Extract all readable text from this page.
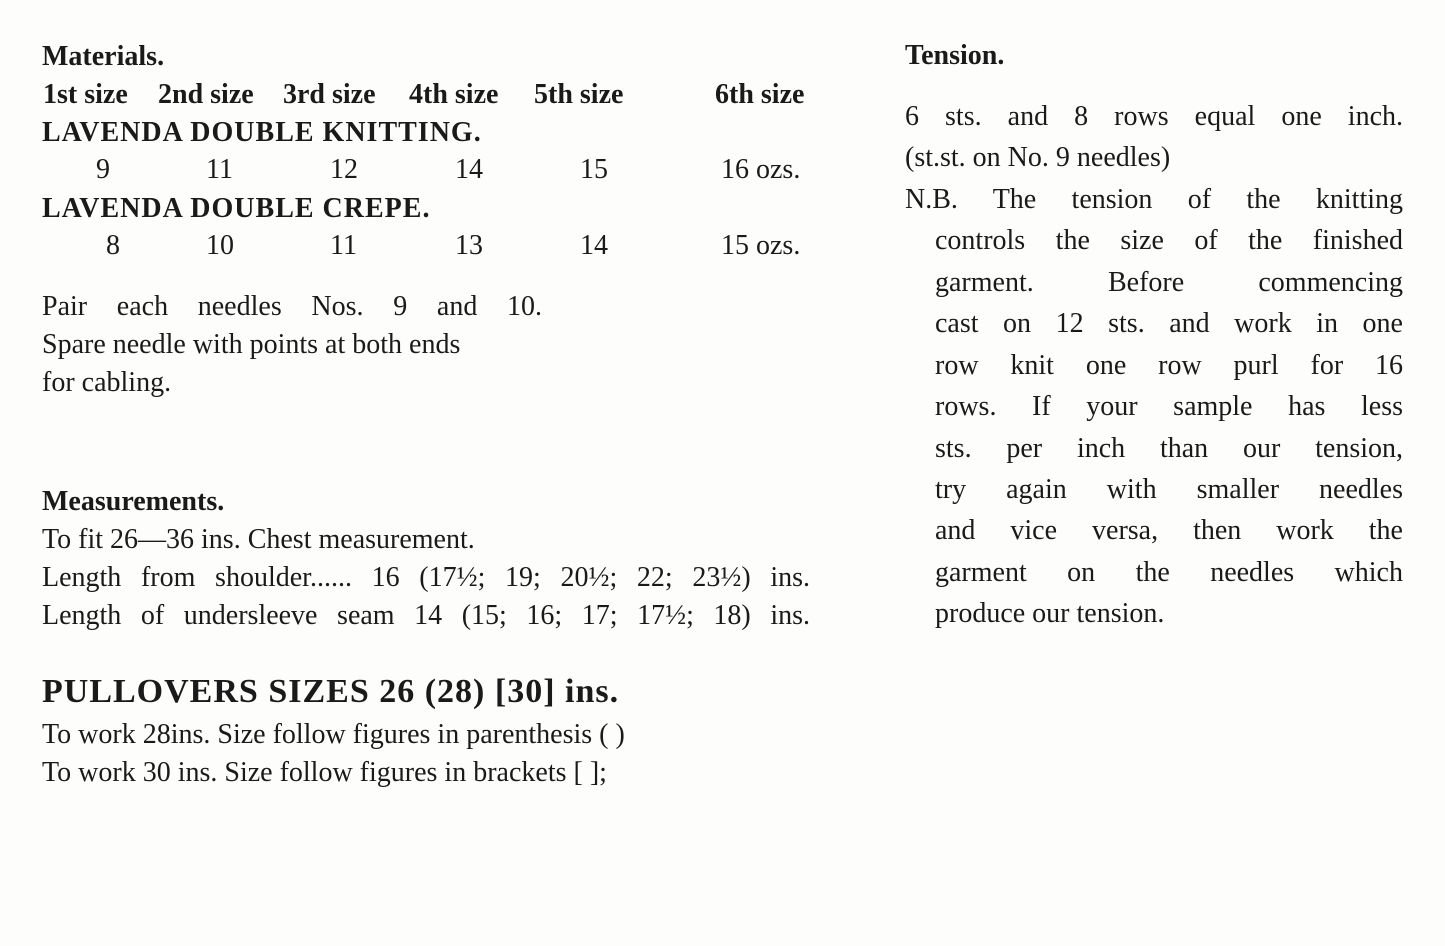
Materials.
1st size 2nd size 3rd size 4th size 5th size	6th size
LAVENDA DOUBLE KNITTING.
9	11	12	14	15	16 ozs.
LAVENDA DOUBLE CREPE.
8	10	11	13	14	15 ozs.
Pair each needles Nos. 9 and 10.
Spare needle with points at both ends
for cabling.
Measurements.
To fit 26—36 ins. Chest measurement.
Length from shoulder...... 16 (17½; 19; 20½; 22; 23½) ins.
Length of undersleeve seam 14 (15; 16; 17; 17½; 18) ins.
PULLOVERS SIZES 26 (28) [30] ins.
To work 28ins. Size follow figures in parenthesis ( )
To work 30 ins. Size follow figures in brackets [ ];
Tension.
6 sts. and 8 rows equal one inch.
(st.st. on No. 9 needles)
N.B. The tension of the knitting
controls the size of the finished
garment. Before commencing
cast on 12 sts. and work in one
row knit one row purl for 16
rows. If your sample has less
sts. per inch than our tension,
try again with smaller needles
and vice versa, then work the
garment on the needles which
produce our tension.
